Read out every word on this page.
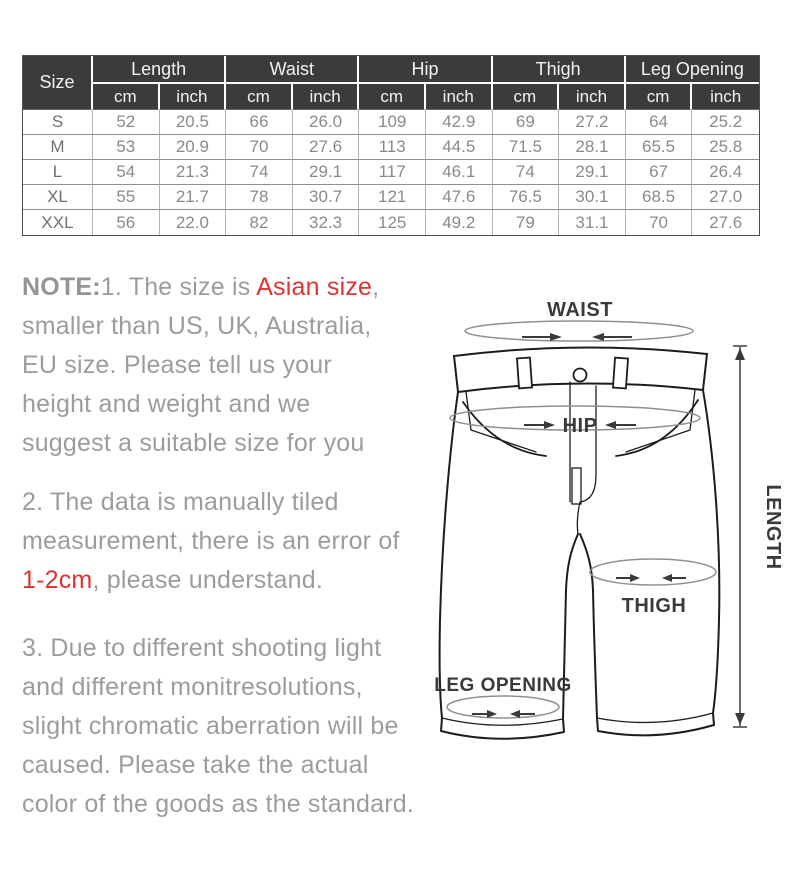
Size	Length		Waist		Hip		Thigh		Leg Opening	
	cm	inch	cm	inch	cm	inch	cm	inch	cm	inch
S	52	20.5	66	26.0	109	42.9	69	27.2	64	25.2
M	53	20.9	70	27.6	113	44.5	71.5	28.1	65.5	25.8
L	54	21.3	74	29.1	117	46.1	74	29.1	67	26.4
XL	55	21.7	78	30.7	121	47.6	76.5	30.1	68.5	27.0
XXL	56	22.0	82	32.3	125	49.2	79	31.1	70	27.6

NOTE:1. The size is Asian size, smaller than US, UK, Australia, EU size. Please tell us your height and weight and we suggest a suitable size for you

2. The data is manually tiled measurement, there is an error of 1-2cm, please understand.

3. Due to different shooting light and different monitresolutions, slight chromatic aberration will be caused. Please take the actual color of the goods as the standard.

WAIST
HIP
THIGH
LEG OPENING
LENGTH
